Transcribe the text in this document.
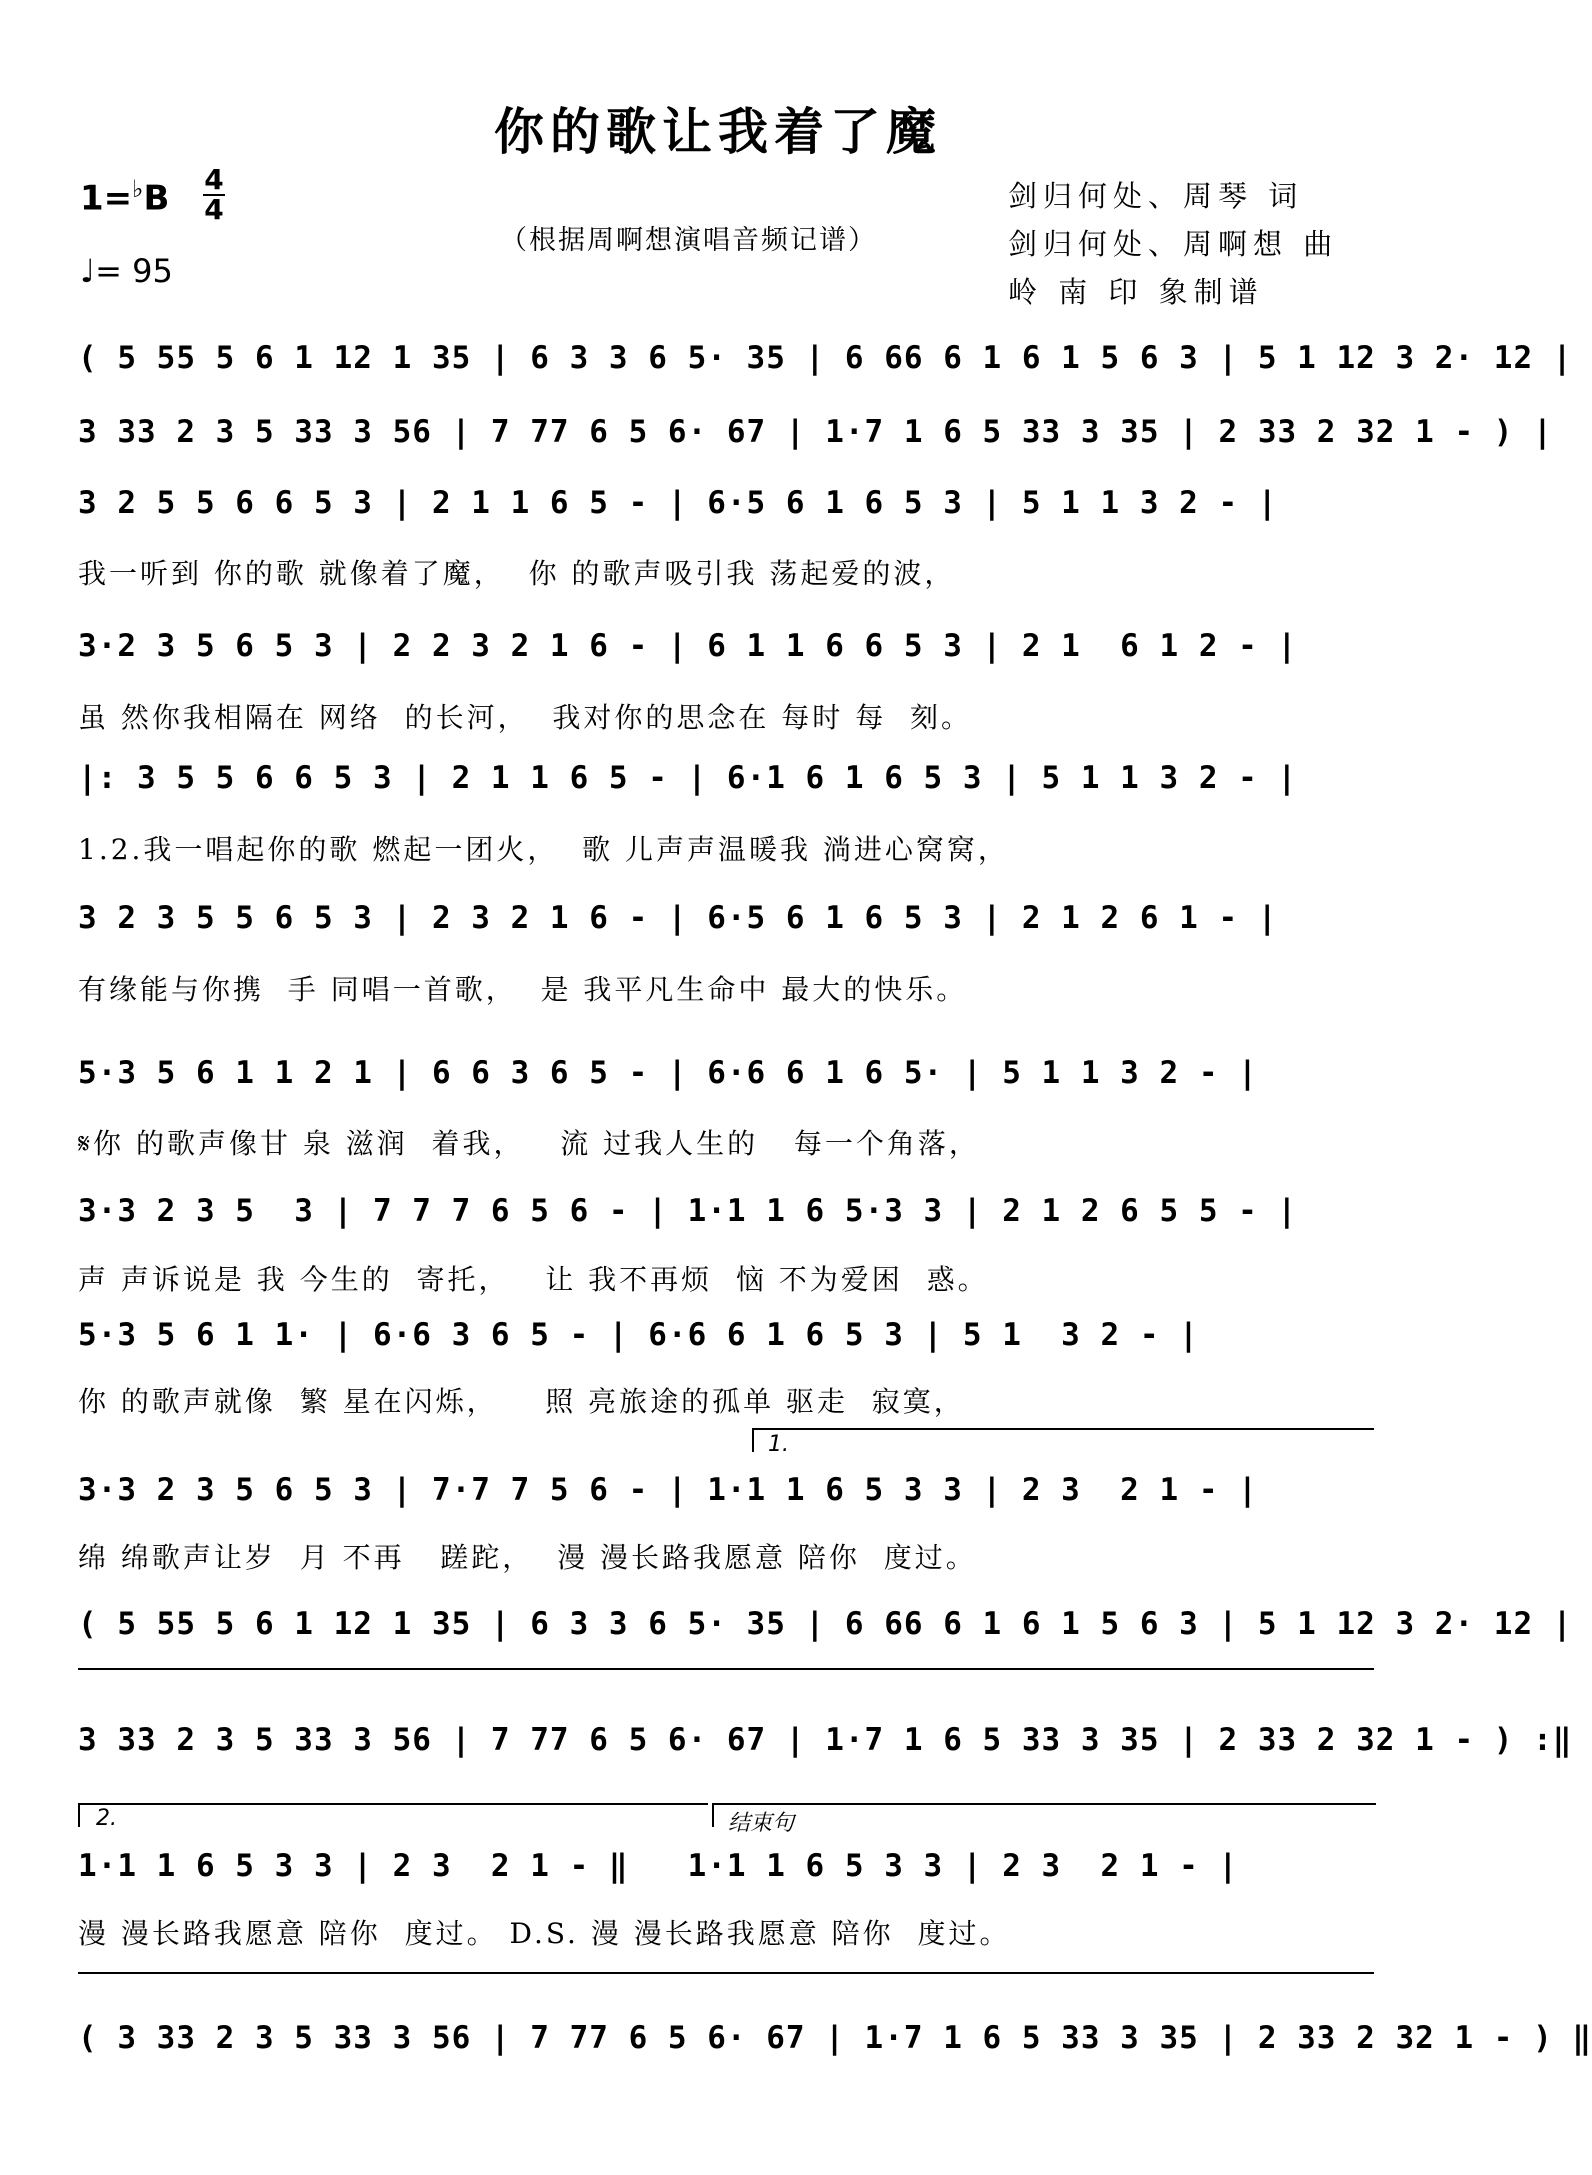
你的歌让我着了魔
1=♭B 4
4
♩= 95
（根据周啊想演唱音频记谱）
剑归何处、周琴 词
剑归何处、周啊想 曲
岭 南 印 象制谱
( 5 55 5 6 1 12 1 35 | 6 3 3 6 5· 35 | 6 66 6 1 6 1 5 6 3 | 5 1 12 3 2· 12 |
3 33 2 3 5 33 3 56 | 7 77 6 5 6· 67 | 1·7 1 6 5 33 3 35 | 2 33 2 32 1 - ) |
3 2 5 5 6 6 5 3 | 2 1 1 6 5 - | 6·5 6 1 6 5 3 | 5 1 1 3 2 - |
我一听到 你的歌 就像着了魔，  你 的歌声吸引我 荡起爱的波，
3·2 3 5 6 5 3 | 2 2 3 2 1 6 - | 6 1 1 6 6 5 3 | 2 1  6 1 2 - |
虽 然你我相隔在 网络  的长河，  我对你的思念在 每时 每  刻。
|: 3 5 5 6 6 5 3 | 2 1 1 6 5 - | 6·1 6 1 6 5 3 | 5 1 1 3 2 - |
1.2.我一唱起你的歌 燃起一团火，  歌 儿声声温暖我 淌进心窝窝，
3 2 3 5 5 6 5 3 | 2 3 2 1 6 - | 6·5 6 1 6 5 3 | 2 1 2 6 1 - |
有缘能与你携  手 同唱一首歌，  是 我平凡生命中 最大的快乐。
5·3 5 6 1 1 2 1 | 6 6 3 6 5 - | 6·6 6 1 6 5· | 5 1 1 3 2 - |
𝄋你 的歌声像甘 泉 滋润  着我，   流 过我人生的   每一个角落，
3·3 2 3 5  3 | 7 7 7 6 5 6 - | 1·1 1 6 5·3 3 | 2 1 2 6 5 5 - |
声 声诉说是 我 今生的  寄托，   让 我不再烦  恼 不为爱困  惑。
5·3 5 6 1 1· | 6·6 3 6 5 - | 6·6 6 1 6 5 3 | 5 1  3 2 - |
你 的歌声就像  繁 星在闪烁，    照 亮旅途的孤单 驱走  寂寞，
1.
3·3 2 3 5 6 5 3 | 7·7 7 5 6 - | 1·1 1 6 5 3 3 | 2 3  2 1 - |
绵 绵歌声让岁  月 不再   蹉跎，  漫 漫长路我愿意 陪你  度过。
( 5 55 5 6 1 12 1 35 | 6 3 3 6 5· 35 | 6 66 6 1 6 1 5 6 3 | 5 1 12 3 2· 12 |
3 33 2 3 5 33 3 56 | 7 77 6 5 6· 67 | 1·7 1 6 5 33 3 35 | 2 33 2 32 1 - ) :‖
2.	结束句
1·1 1 6 5 3 3 | 2 3  2 1 - ‖   1·1 1 6 5 3 3 | 2 3  2 1 - |
漫 漫长路我愿意 陪你  度过。 D.S. 漫 漫长路我愿意 陪你  度过。
( 3 33 2 3 5 33 3 56 | 7 77 6 5 6· 67 | 1·7 1 6 5 33 3 35 | 2 33 2 32 1 - ) ‖
